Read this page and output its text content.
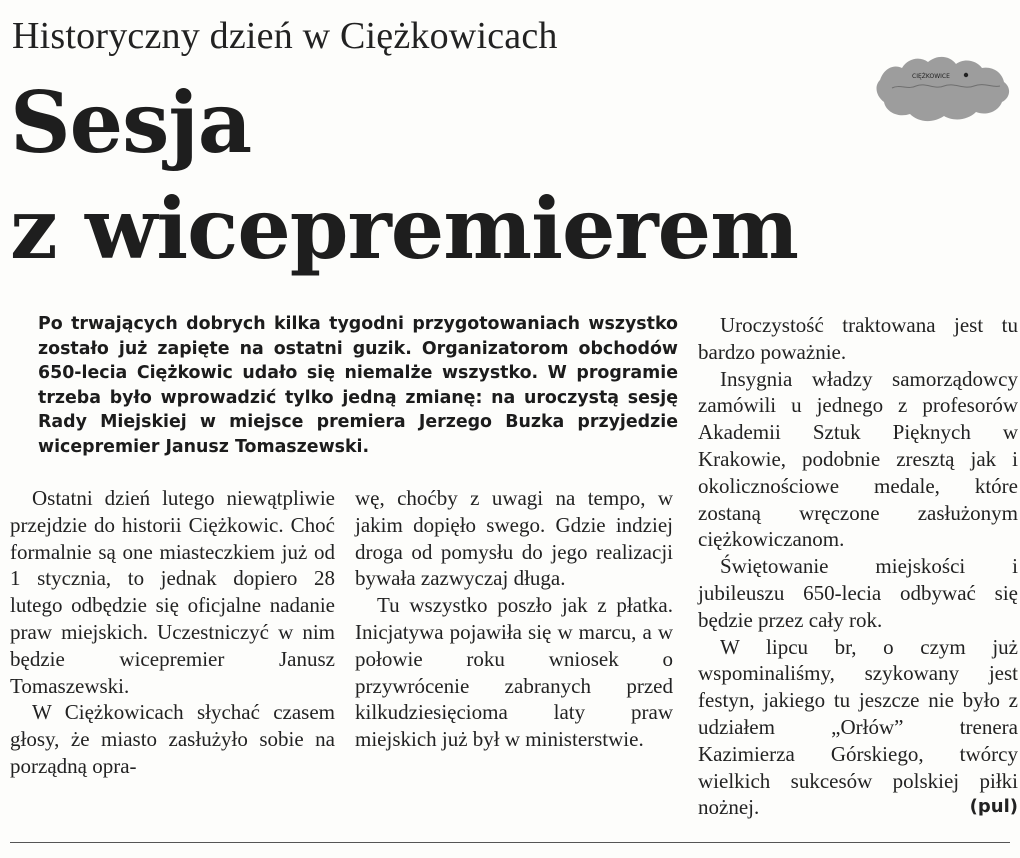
Historyczny dzień w Ciężkowicach
Sesja
z wicepremierem
CIĘŻKOWICE
Po trwających dobrych kilka tygodni przygotowaniach wszystko zostało już zapięte na ostatni guzik. Organizatorom obchodów 650-lecia Ciężkowic udało się niemalże wszystko. W programie trzeba było wprowadzić tylko jedną zmianę: na uroczystą sesję Rady Miejskiej w miejsce premiera Jerzego Buzka przyjedzie wicepremier Janusz Tomaszewski.

Ostatni dzień lutego niewątpliwie przejdzie do historii Ciężkowic. Choć formalnie są one miasteczkiem już od 1 stycznia, to jednak dopiero 28 lutego odbędzie się oficjalne nadanie praw miejskich. Uczestniczyć w nim będzie wicepremier Janusz Tomaszewski.

W Ciężkowicach słychać czasem głosy, że miasto zasłużyło sobie na porządną opra-

wę, choćby z uwagi na tempo, w jakim dopięło swego. Gdzie indziej droga od pomysłu do jego realizacji bywała zazwyczaj długa.

Tu wszystko poszło jak z płatka. Inicjatywa pojawiła się w marcu, a w połowie roku wniosek o przywrócenie zabranych przed kilkudziesięcioma laty praw miejskich już był w ministerstwie.

Uroczystość traktowana jest tu bardzo poważnie.

Insygnia władzy samorządowcy zamówili u jednego z profesorów Akademii Sztuk Pięknych w Krakowie, podobnie zresztą jak i okolicznościowe medale, które zostaną wręczone zasłużonym ciężkowiczanom.

Świętowanie miejskości i jubileuszu 650-lecia odbywać się będzie przez cały rok.

W lipcu br, o czym już wspominaliśmy, szykowany jest festyn, jakiego tu jeszcze nie było z udziałem „Orłów” trenera Kazimierza Górskiego, twórcy wielkich sukcesów polskiej piłki nożnej.	(pul)
